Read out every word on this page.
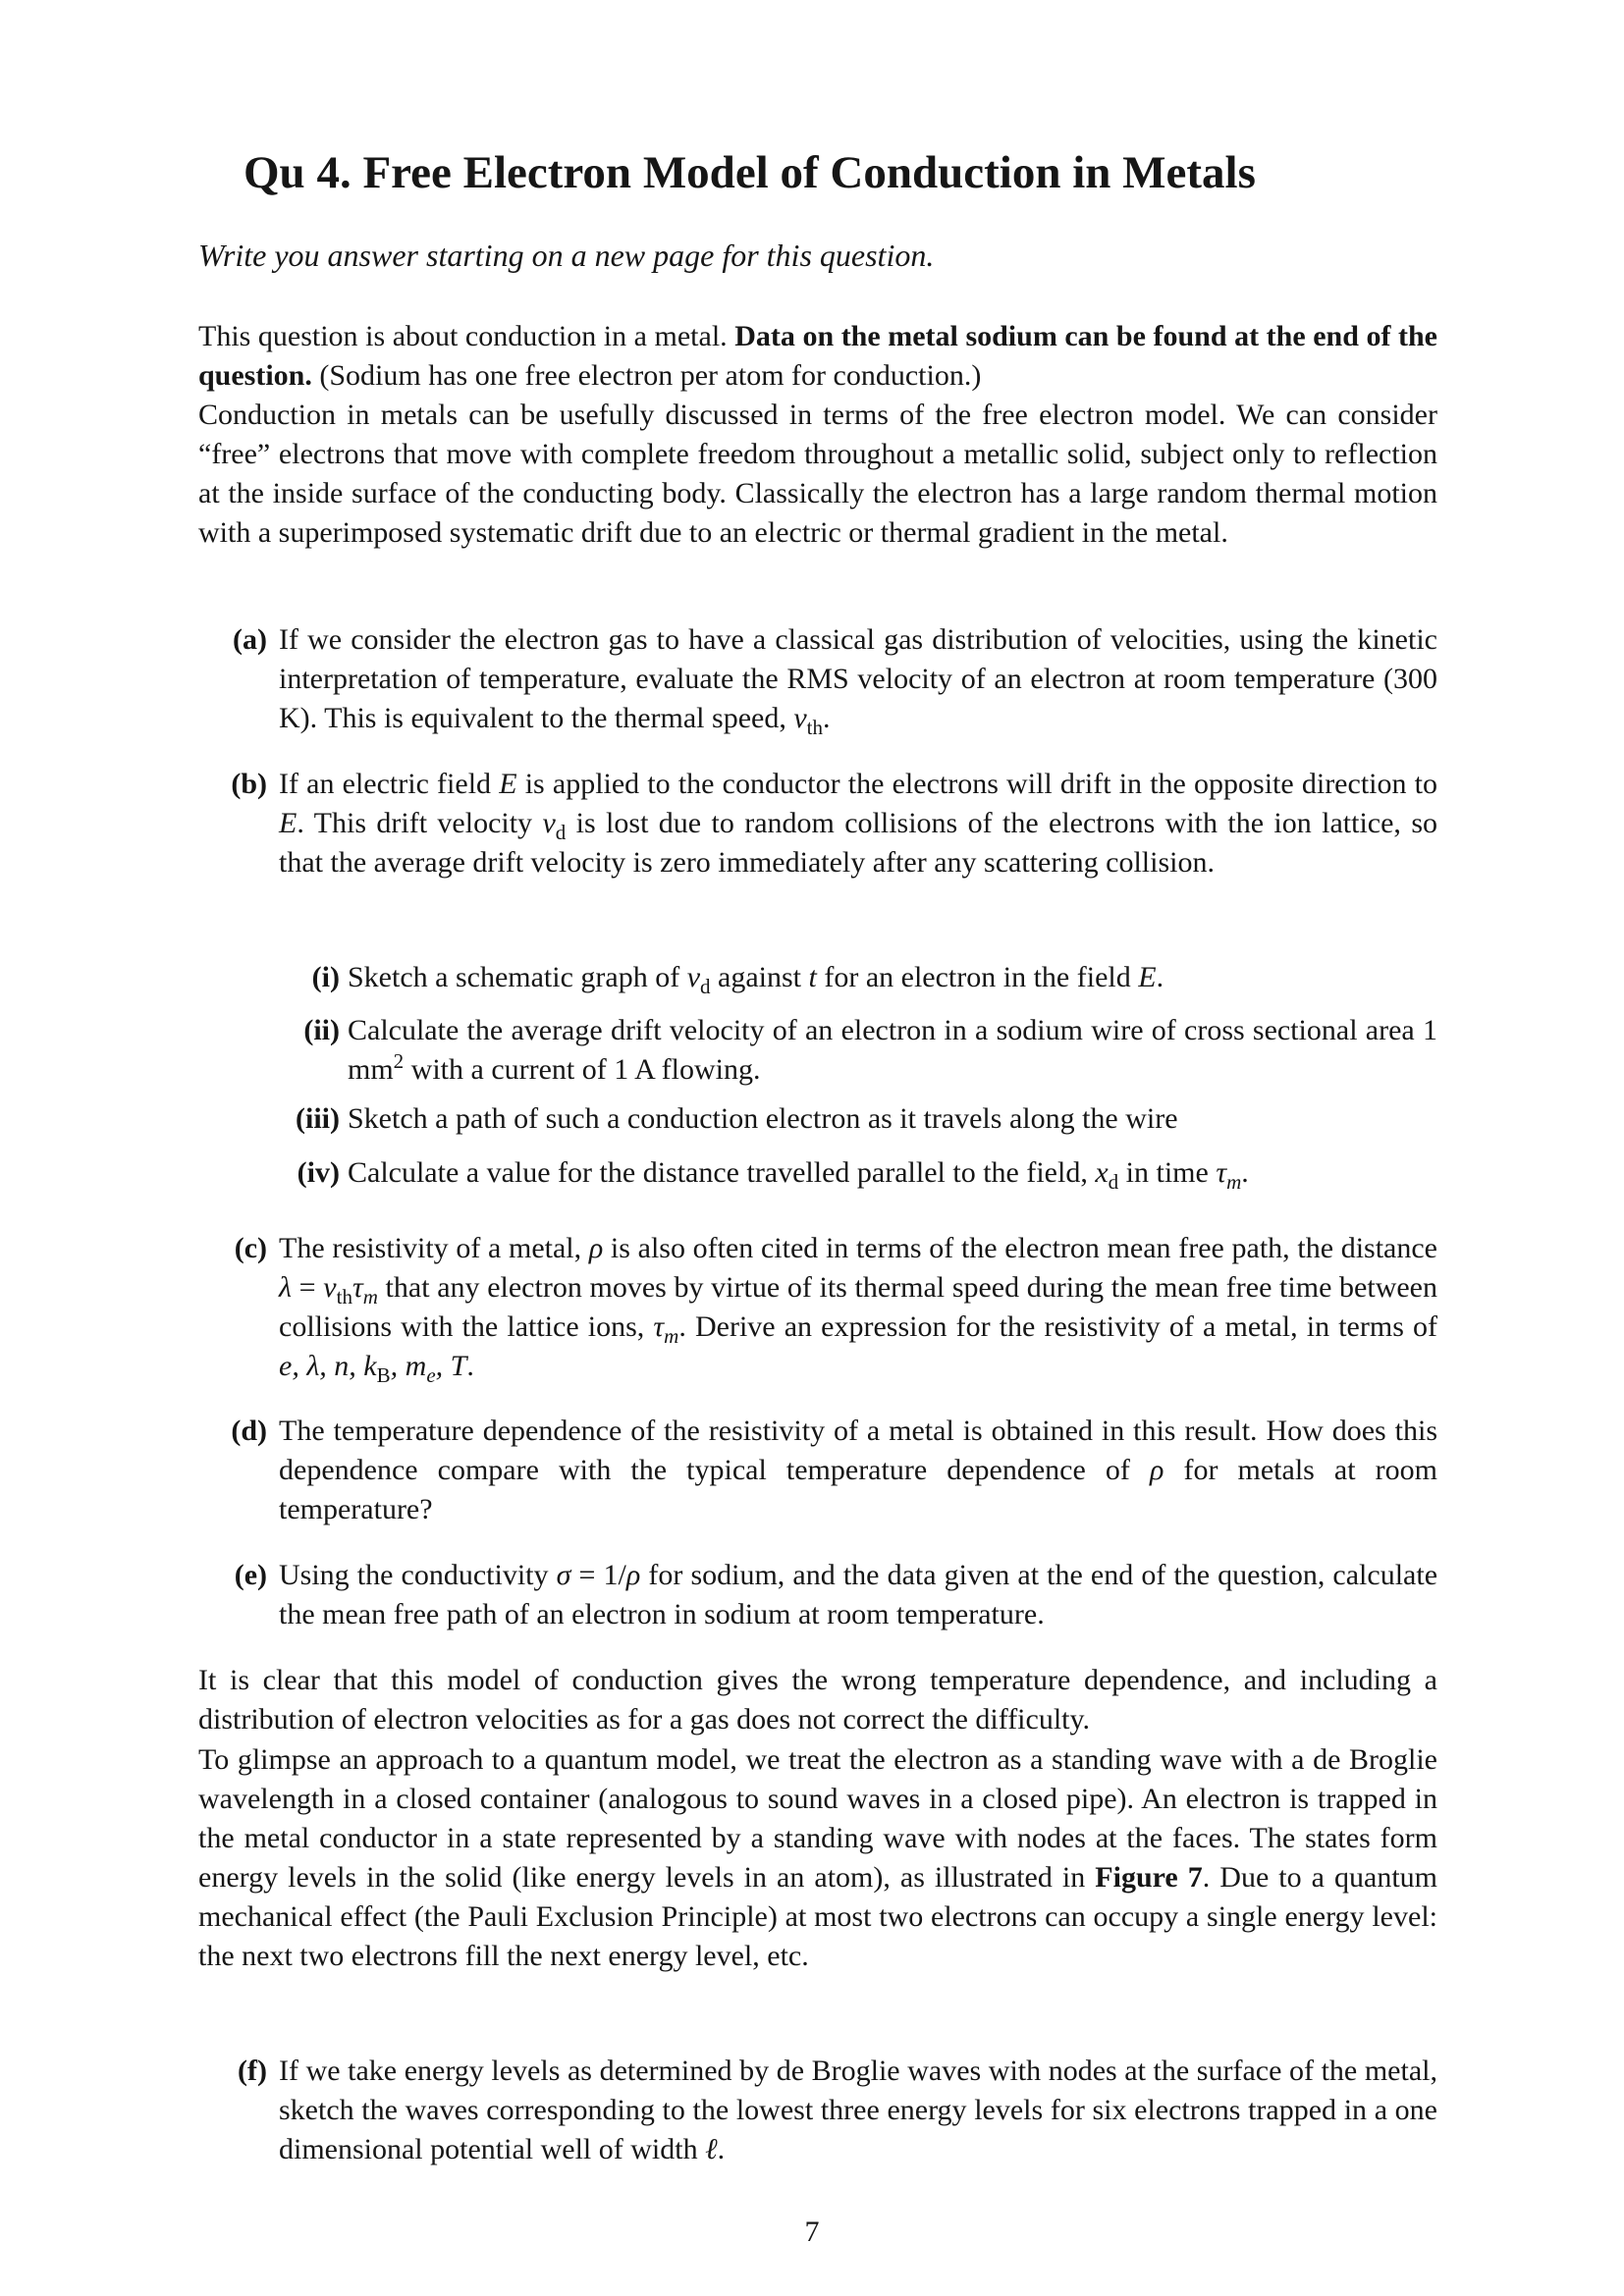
Qu 4. Free Electron Model of Conduction in Metals

Write you answer starting on a new page for this question.

This question is about conduction in a metal. Data on the metal sodium can be found at the end of the question. (Sodium has one free electron per atom for conduction.)

Conduction in metals can be usefully discussed in terms of the free electron model. We can consider “free” electrons that move with complete freedom throughout a metallic solid, subject only to reflection at the inside surface of the conducting body. Classically the electron has a large random thermal motion with a superimposed systematic drift due to an electric or thermal gradient in the metal.

(a) If we consider the electron gas to have a classical gas distribution of velocities, using the kinetic interpretation of temperature, evaluate the RMS velocity of an electron at room temperature (300 K). This is equivalent to the thermal speed, $v_{th}$.
(b) If an electric field E is applied to the conductor the electrons will drift in the opposite direction to E. This drift velocity $v_d$ is lost due to random collisions of the electrons with the ion lattice, so that the average drift velocity is zero immediately after any scattering collision.
(i) Sketch a schematic graph of $v_d$ against t for an electron in the field E.
(ii) Calculate the average drift velocity of an electron in a sodium wire of cross sectional area 1 $mm^2$ with a current of 1 A flowing.
(iii) Sketch a path of such a conduction electron as it travels along the wire
(iv) Calculate a value for the distance travelled parallel to the field, $x_d$ in time $\tau_m$.
(c) The resistivity of a metal, ρ is also often cited in terms of the electron mean free path, the distance $\lambda = v_{th}\tau_m$ that any electron moves by virtue of its thermal speed during the mean free time between collisions with the lattice ions, $\tau_m$. Derive an expression for the resistivity of a metal, in terms of e, λ, n, $k_B$, $m_e$, T.
(d) The temperature dependence of the resistivity of a metal is obtained in this result. How does this dependence compare with the typical temperature dependence of ρ for metals at room temperature?
(e) Using the conductivity σ = 1/ρ for sodium, and the data given at the end of the question, calculate the mean free path of an electron in sodium at room temperature.

It is clear that this model of conduction gives the wrong temperature dependence, and including a distribution of electron velocities as for a gas does not correct the difficulty.

To glimpse an approach to a quantum model, we treat the electron as a standing wave with a de Broglie wavelength in a closed container (analogous to sound waves in a closed pipe). An electron is trapped in the metal conductor in a state represented by a standing wave with nodes at the faces. The states form energy levels in the solid (like energy levels in an atom), as illustrated in Figure 7. Due to a quantum mechanical effect (the Pauli Exclusion Principle) at most two electrons can occupy a single energy level: the next two electrons fill the next energy level, etc.

(f) If we take energy levels as determined by de Broglie waves with nodes at the surface of the metal, sketch the waves corresponding to the lowest three energy levels for six electrons trapped in a one dimensional potential well of width ℓ.

7
